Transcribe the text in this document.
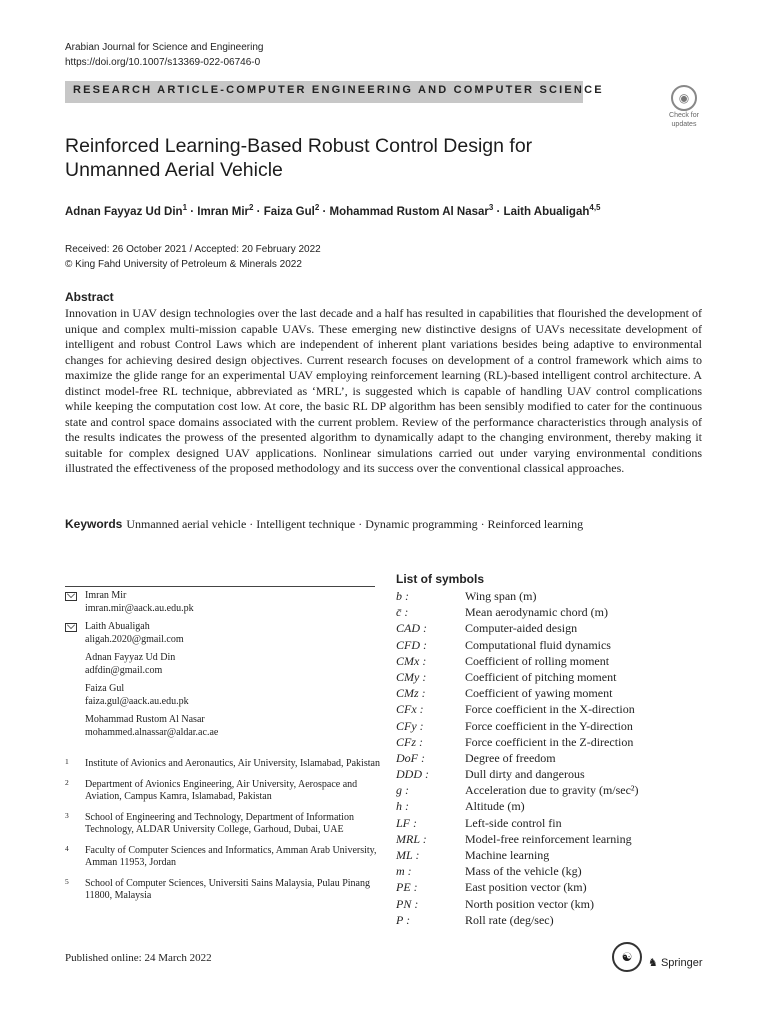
Arabian Journal for Science and Engineering
https://doi.org/10.1007/s13369-022-06746-0
RESEARCH ARTICLE-COMPUTER ENGINEERING AND COMPUTER SCIENCE
◉
Check for
updates
Reinforced Learning-Based Robust Control Design for Unmanned Aerial Vehicle
Adnan Fayyaz Ud Din$^1$ · Imran Mir$^2$ · Faiza Gul$^2$ · Mohammad Rustom Al Nasar$^3$ · Laith Abualigah$^{4,5}$
Received: 26 October 2021 / Accepted: 20 February 2022
© King Fahd University of Petroleum & Minerals 2022
Abstract
Innovation in UAV design technologies over the last decade and a half has resulted in capabilities that flourished the development of unique and complex multi-mission capable UAVs. These emerging new distinctive designs of UAVs necessitate development of intelligent and robust Control Laws which are independent of inherent plant variations besides being adaptive to environmental changes for achieving desired design objectives. Current research focuses on development of a control framework which aims to maximize the glide range for an experimental UAV employing reinforcement learning (RL)-based intelligent control architecture. A distinct model-free RL technique, abbreviated as ‘MRL’, is suggested which is capable of handling UAV control complications while keeping the computation cost low. At core, the basic RL DP algorithm has been sensibly modified to cater for the continuous state and control space domains associated with the current problem. Review of the performance characteristics through analysis of the results indicates the prowess of the presented algorithm to dynamically adapt to the changing environment, thereby making it suitable for complex designed UAV applications. Nonlinear simulations carried out under varying environmental conditions illustrated the effectiveness of the proposed methodology and its success over the conventional classical approaches.
Keywords Unmanned aerial vehicle · Intelligent technique · Dynamic programming · Reinforced learning
Imran Mir
imran.mir@aack.au.edu.pk
Laith Abualigah
aligah.2020@gmail.com
Adnan Fayyaz Ud Din
adfdin@gmail.com
Faiza Gul
faiza.gul@aack.au.edu.pk
Mohammad Rustom Al Nasar
mohammed.alnassar@aldar.ac.ae
1 Institute of Avionics and Aeronautics, Air University, Islamabad, Pakistan
2 Department of Avionics Engineering, Air University, Aerospace and Aviation, Campus Kamra, Islamabad, Pakistan
3 School of Engineering and Technology, Department of Information Technology, ALDAR University College, Garhoud, Dubai, UAE
4 Faculty of Computer Sciences and Informatics, Amman Arab University, Amman 11953, Jordan
5 School of Computer Sciences, Universiti Sains Malaysia, Pulau Pinang 11800, Malaysia
List of symbols
b :	Wing span (m)
c̄ :	Mean aerodynamic chord (m)
CAD :	Computer-aided design
CFD :	Computational fluid dynamics
CMx :	Coefficient of rolling moment
CMy :	Coefficient of pitching moment
CMz :	Coefficient of yawing moment
CFx :	Force coefficient in the X-direction
CFy :	Force coefficient in the Y-direction
CFz :	Force coefficient in the Z-direction
DoF :	Degree of freedom
DDD :	Dull dirty and dangerous
g :	Acceleration due to gravity (m/sec²)
h :	Altitude (m)
LF :	Left-side control fin
MRL :	Model-free reinforcement learning
ML :	Machine learning
m :	Mass of the vehicle (kg)
PE :	East position vector (km)
PN :	North position vector (km)
P :	Roll rate (deg/sec)
Published online: 24 March 2022	☯	♞ Springer
